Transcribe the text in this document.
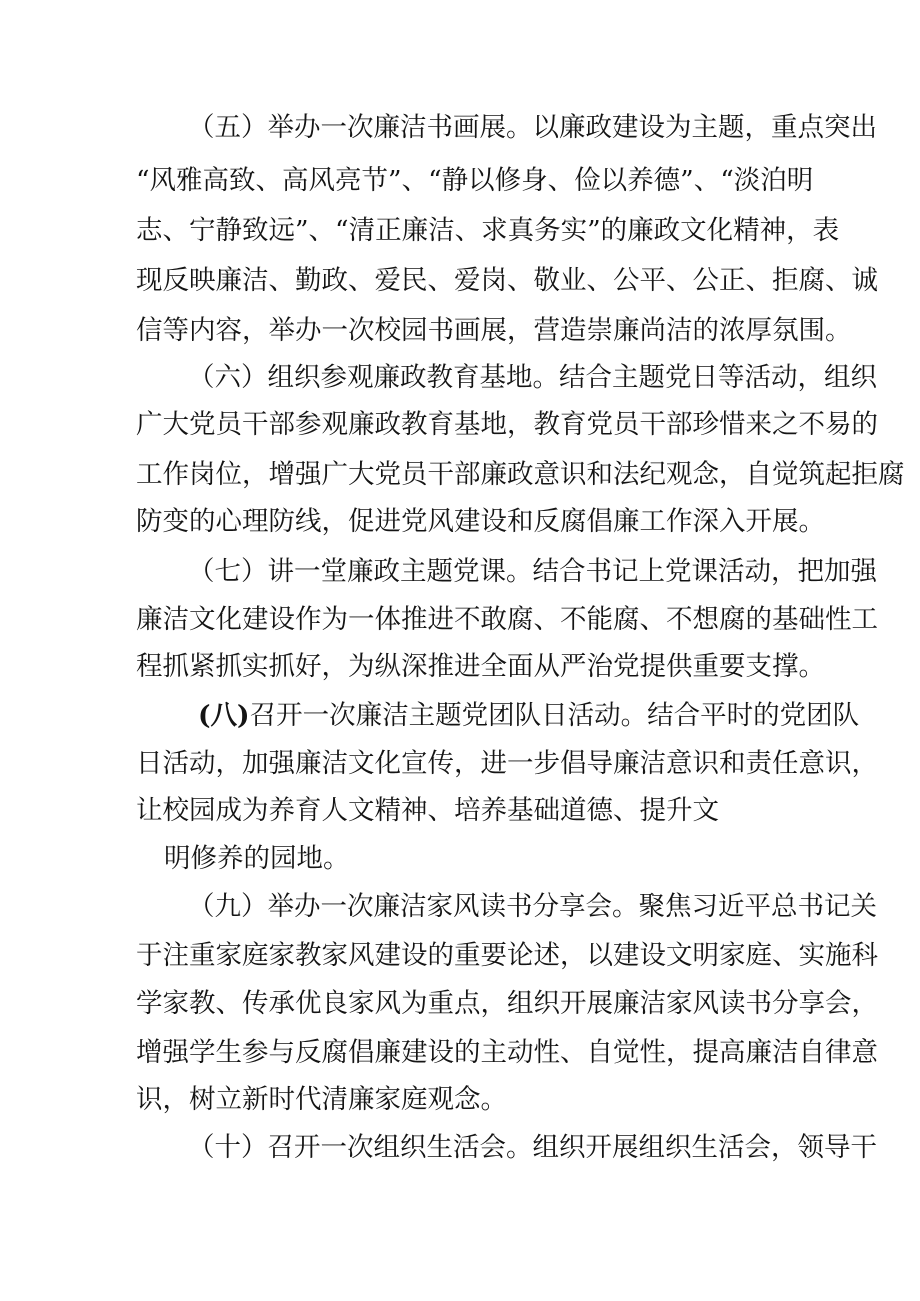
（五）举办一次廉洁书画展。以廉政建设为主题，重点突出
“风雅高致、高风亮节”、“静以修身、俭以养德”、“淡泊明
志、宁静致远”、“清正廉洁、求真务实”的廉政文化精神，表
现反映廉洁、勤政、爱民、爱岗、敬业、公平、公正、拒腐、诚
信等内容，举办一次校园书画展，营造崇廉尚洁的浓厚氛围。
（六）组织参观廉政教育基地。结合主题党日等活动，组织
广大党员干部参观廉政教育基地，教育党员干部珍惜来之不易的
工作岗位，增强广大党员干部廉政意识和法纪观念，自觉筑起拒腐
防变的心理防线，促进党风建设和反腐倡廉工作深入开展。
（七）讲一堂廉政主题党课。结合书记上党课活动，把加强
廉洁文化建设作为一体推进不敢腐、不能腐、不想腐的基础性工
程抓紧抓实抓好，为纵深推进全面从严治党提供重要支撑。
(八)召开一次廉洁主题党团队日活动。结合平时的党团队
日活动，加强廉洁文化宣传，进一步倡导廉洁意识和责任意识，
让校园成为养育人文精神、培养基础道德、提升文
明修养的园地。
（九）举办一次廉洁家风读书分享会。聚焦习近平总书记关
于注重家庭家教家风建设的重要论述，以建设文明家庭、实施科
学家教、传承优良家风为重点，组织开展廉洁家风读书分享会，
增强学生参与反腐倡廉建设的主动性、自觉性，提高廉洁自律意
识，树立新时代清廉家庭观念。
（十）召开一次组织生活会。组织开展组织生活会，领导干
